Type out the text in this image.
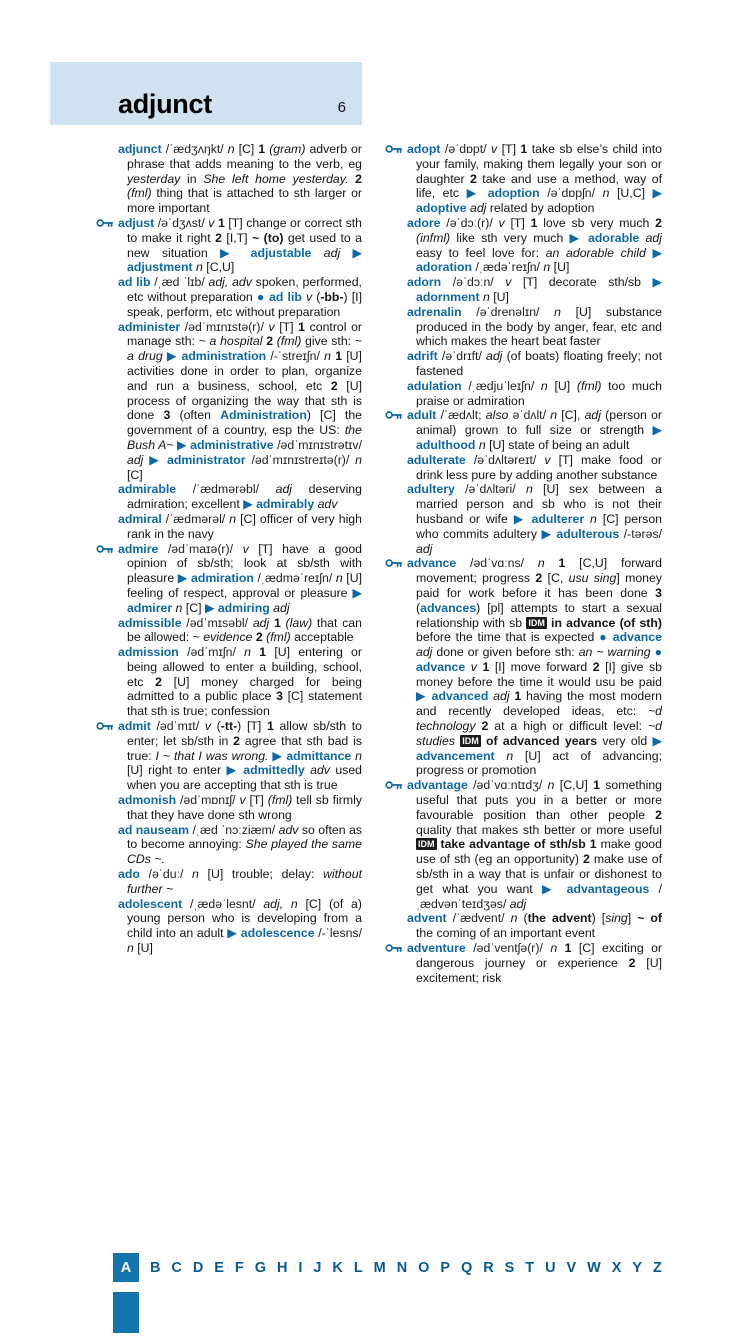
adjunct	6
adjunct /ˈædʒʌŋkt/ n [C] 1 (gram) adverb or phrase that adds meaning to the verb, eg yesterday in She left home yesterday. 2 (fml) thing that is attached to sth larger or more important
adjust /əˈdʒʌst/ v 1 [T] change or correct sth to make it right 2 [I,T] ~ (to) get used to a new situation ▶ adjustable adj ▶ adjustment n [C,U]
ad lib /ˌæd ˈlɪb/ adj, adv spoken, performed, etc without preparation ● ad lib v (-bb-) [I] speak, perform, etc without preparation
administer /ədˈmɪnɪstə(r)/ v [T] 1 control or manage sth: ~ a hospital 2 (fml) give sth: ~ a drug ▶ administration /-ˈstreɪʃn/ n 1 [U] activities done in order to plan, organize and run a business, school, etc 2 [U] process of organizing the way that sth is done 3 (often Administration) [C] the government of a country, esp the US: the Bush A~ ▶ administrative /ədˈmɪnɪstrətɪv/ adj ▶ administrator /ədˈmɪnɪstreɪtə(r)/ n [C]
admirable /ˈædmərəbl/ adj deserving admiration; excellent ▶ admirably adv
admiral /ˈædmərəl/ n [C] officer of very high rank in the navy
admire /ədˈmaɪə(r)/ v [T] have a good opinion of sb/sth; look at sb/sth with pleasure ▶ admiration /ˌædməˈreɪʃn/ n [U] feeling of respect, approval or pleasure ▶ admirer n [C] ▶ admiring adj
admissible /ədˈmɪsəbl/ adj 1 (law) that can be allowed: ~ evidence 2 (fml) acceptable
admission /ədˈmɪʃn/ n 1 [U] entering or being allowed to enter a building, school, etc 2 [U] money charged for being admitted to a public place 3 [C] statement that sth is true; confession
admit /ədˈmɪt/ v (-tt-) [T] 1 allow sb/sth to enter; let sb/sth in 2 agree that sth bad is true: I ~ that I was wrong. ▶ admittance n [U] right to enter ▶ admittedly adv used when you are accepting that sth is true
admonish /ədˈmɒnɪʃ/ v [T] (fml) tell sb firmly that they have done sth wrong
ad nauseam /ˌæd ˈnɔːziæm/ adv so often as to become annoying: She played the same CDs ~.
ado /əˈduː/ n [U] trouble; delay: without further ~
adolescent /ˌædəˈlesnt/ adj, n [C] (of a) young person who is developing from a child into an adult ▶ adolescence /-ˈlesns/ n [U]
adopt /əˈdɒpt/ v [T] 1 take sb else’s child into your family, making them legally your son or daughter 2 take and use a method, way of life, etc ▶ adoption /əˈdɒpʃn/ n [U,C] ▶ adoptive adj related by adoption
adore /əˈdɔː(r)/ v [T] 1 love sb very much 2 (infml) like sth very much ▶ adorable adj easy to feel love for: an adorable child ▶ adoration /ˌædəˈreɪʃn/ n [U]
adorn /əˈdɔːn/ v [T] decorate sth/sb ▶ adornment n [U]
adrenalin /əˈdrenəlɪn/ n [U] substance produced in the body by anger, fear, etc and which makes the heart beat faster
adrift /əˈdrɪft/ adj (of boats) floating freely; not fastened
adulation /ˌædjuˈleɪʃn/ n [U] (fml) too much praise or admiration
adult /ˈædʌlt; also əˈdʌlt/ n [C], adj (person or animal) grown to full size or strength ▶ adulthood n [U] state of being an adult
adulterate /əˈdʌltəreɪt/ v [T] make food or drink less pure by adding another substance
adultery /əˈdʌltəri/ n [U] sex between a married person and sb who is not their husband or wife ▶ adulterer n [C] person who commits adultery ▶ adulterous /-tərəs/ adj
advance /ədˈvɑːns/ n 1 [C,U] forward movement; progress 2 [C, usu sing] money paid for work before it has been done 3 (advances) [pl] attempts to start a sexual relationship with sb IDM in advance (of sth) before the time that is expected ● advance adj done or given before sth: an ~ warning ● advance v 1 [I] move forward 2 [I] give sb money before the time it would usu be paid ▶ advanced adj 1 having the most modern and recently developed ideas, etc: ~d technology 2 at a high or difficult level: ~d studies IDM of advanced years very old ▶ advancement n [U] act of advancing; progress or promotion
advantage /ədˈvɑːntɪdʒ/ n [C,U] 1 something useful that puts you in a better or more favourable position than other people 2 quality that makes sth better or more useful IDM take advantage of sth/sb 1 make good use of sth (eg an opportunity) 2 make use of sb/sth in a way that is unfair or dishonest to get what you want ▶ advantageous /ˌædvənˈteɪdʒəs/ adj
advent /ˈædvent/ n (the advent) [sing] ~ of the coming of an important event
adventure /ədˈventʃə(r)/ n 1 [C] exciting or dangerous journey or experience 2 [U] excitement; risk
A	B C D E F G H I J K L M N O P Q R S T U V W X Y Z
